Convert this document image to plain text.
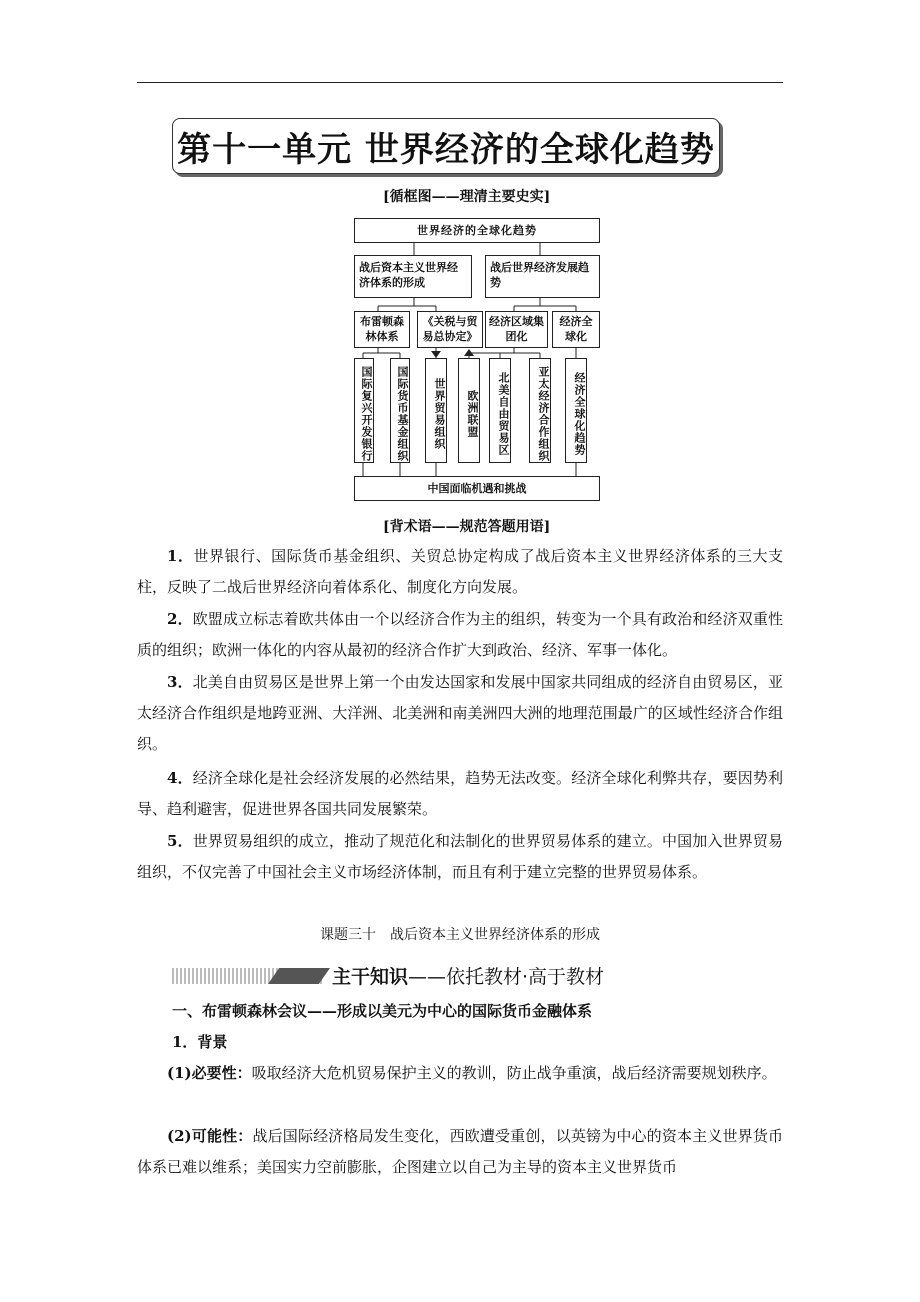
第十一单元 世界经济的全球化趋势
[循框图——理清主要史实]
世界经济的全球化趋势
战后资本主义世界经济体系的形成
战后世界经济发展趋势
布雷顿森林体系
《关税与贸易总协定》
经济区域集团化
经济全球化
国际复兴开发银行	国际货币基金组织	世界贸易组织	欧洲联盟	北美自由贸易区	亚太经济合作组织	经济全球化趋势
中国面临机遇和挑战
[背术语——规范答题用语]
1．世界银行、国际货币基金组织、关贸总协定构成了战后资本主义世界经济体系的三大支柱，反映了二战后世界经济向着体系化、制度化方向发展。
2．欧盟成立标志着欧共体由一个以经济合作为主的组织，转变为一个具有政治和经济双重性质的组织；欧洲一体化的内容从最初的经济合作扩大到政治、经济、军事一体化。
3．北美自由贸易区是世界上第一个由发达国家和发展中国家共同组成的经济自由贸易区，亚太经济合作组织是地跨亚洲、大洋洲、北美洲和南美洲四大洲的地理范围最广的区域性经济合作组织。
4．经济全球化是社会经济发展的必然结果，趋势无法改变。经济全球化利弊共存，要因势利导、趋利避害，促进世界各国共同发展繁荣。
5．世界贸易组织的成立，推动了规范化和法制化的世界贸易体系的建立。中国加入世界贸易组织，不仅完善了中国社会主义市场经济体制，而且有利于建立完整的世界贸易体系。
课题三十　战后资本主义世界经济体系的形成
主干知识——依托教材·高于教材
一、布雷顿森林会议——形成以美元为中心的国际货币金融体系
1．背景
(1)必要性：吸取经济大危机贸易保护主义的教训，防止战争重演，战后经济需要规划秩序。
(2)可能性：战后国际经济格局发生变化，西欧遭受重创，以英镑为中心的资本主义世界货币体系已难以维系；美国实力空前膨胀，企图建立以自己为主导的资本主义世界货币
